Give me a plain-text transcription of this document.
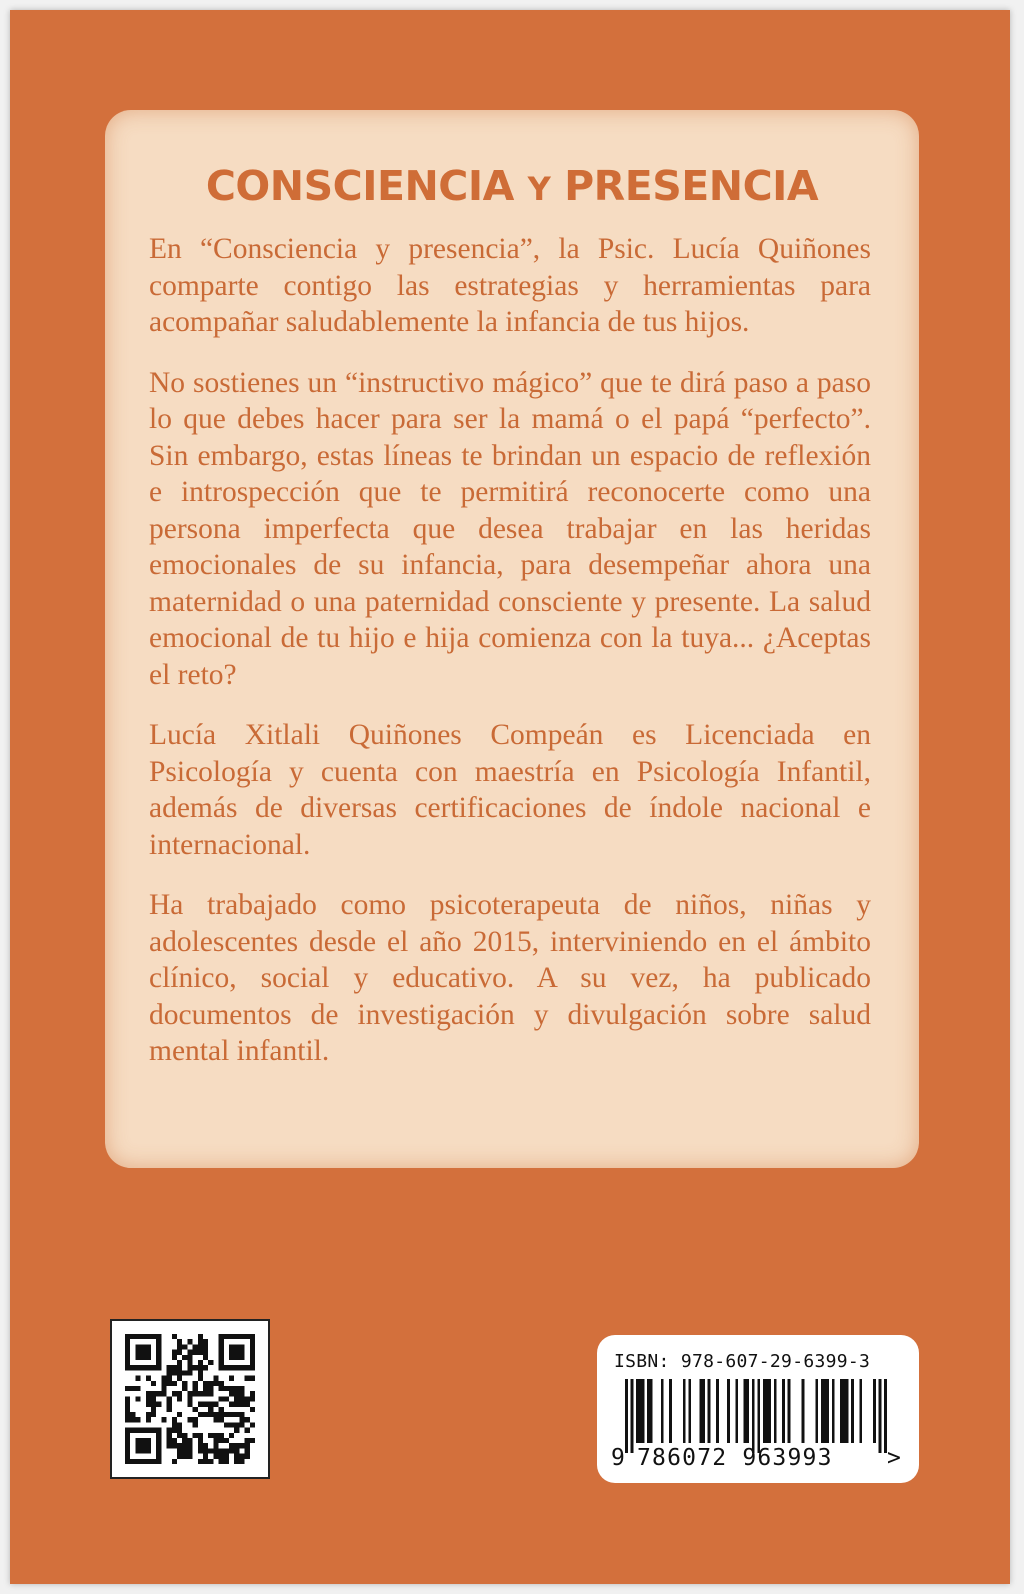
CONSCIENCIA Y PRESENCIA

En “Consciencia y presencia”, la Psic. Lucía Quiñones comparte contigo las estrategias y herramientas para acompañar saludablemente la infancia de tus hijos.

No sostienes un “instructivo mágico” que te dirá paso a paso lo que debes hacer para ser la mamá o el papá “perfecto”. Sin embargo, estas líneas te brindan un espacio de reflexión e introspección que te permitirá reconocerte como una persona imperfecta que desea trabajar en las heridas emocionales de su infancia, para desempeñar ahora una maternidad o una paternidad consciente y presente. La salud emocional de tu hijo e hija comienza con la tuya... ¿Aceptas el reto?

Lucía Xitlali Quiñones Compeán es Licenciada en Psicología y cuenta con maestría en Psicología Infantil, además de diversas certificaciones de índole nacional e internacional.

Ha trabajado como psicoterapeuta de niños, niñas y adolescentes desde el año 2015, interviniendo en el ámbito clínico, social y educativo. A su vez, ha publicado documentos de investigación y divulgación sobre salud mental infantil.

ISBN: 978-607-29-6399-3
9 786072 963993 >
